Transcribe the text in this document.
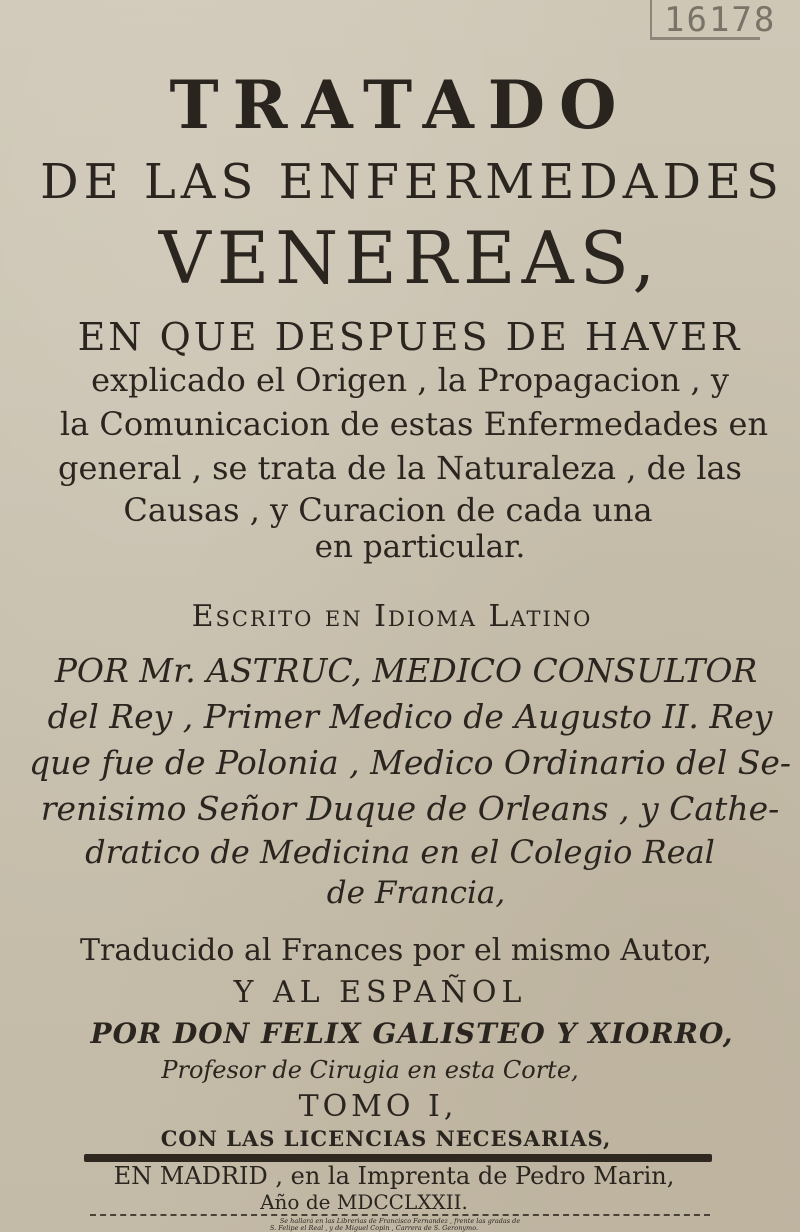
16178
TRATADO
DE LAS ENFERMEDADES
VENEREAS,
EN QUE DESPUES DE HAVER
explicado el Origen , la Propagacion , y
la Comunicacion de estas Enfermedades en
general , se trata de la Naturaleza , de las
Causas , y Curacion de cada una
en particular.
Escrito en Idioma Latino
POR Mr. ASTRUC, MEDICO CONSULTOR
del Rey , Primer Medico de Augusto II. Rey
que fue de Polonia , Medico Ordinario del Se-
renisimo Señor Duque de Orleans , y Cathe-
dratico de Medicina en el Colegio Real
de Francia,
Traducido al Frances por el mismo Autor,
Y AL ESPAÑOL
POR DON FELIX GALISTEO Y XIORRO,
Profesor de Cirugia en esta Corte,
TOMO I,
CON LAS LICENCIAS NECESARIAS,
EN MADRID , en la Imprenta de Pedro Marin,
Año de MDCCLXXII.
Se hallará en las Librerias de Francisco Fernandez , frente las gradas de
S. Felipe el Real , y de Miguel Copin , Carrera de S. Geronymo.
